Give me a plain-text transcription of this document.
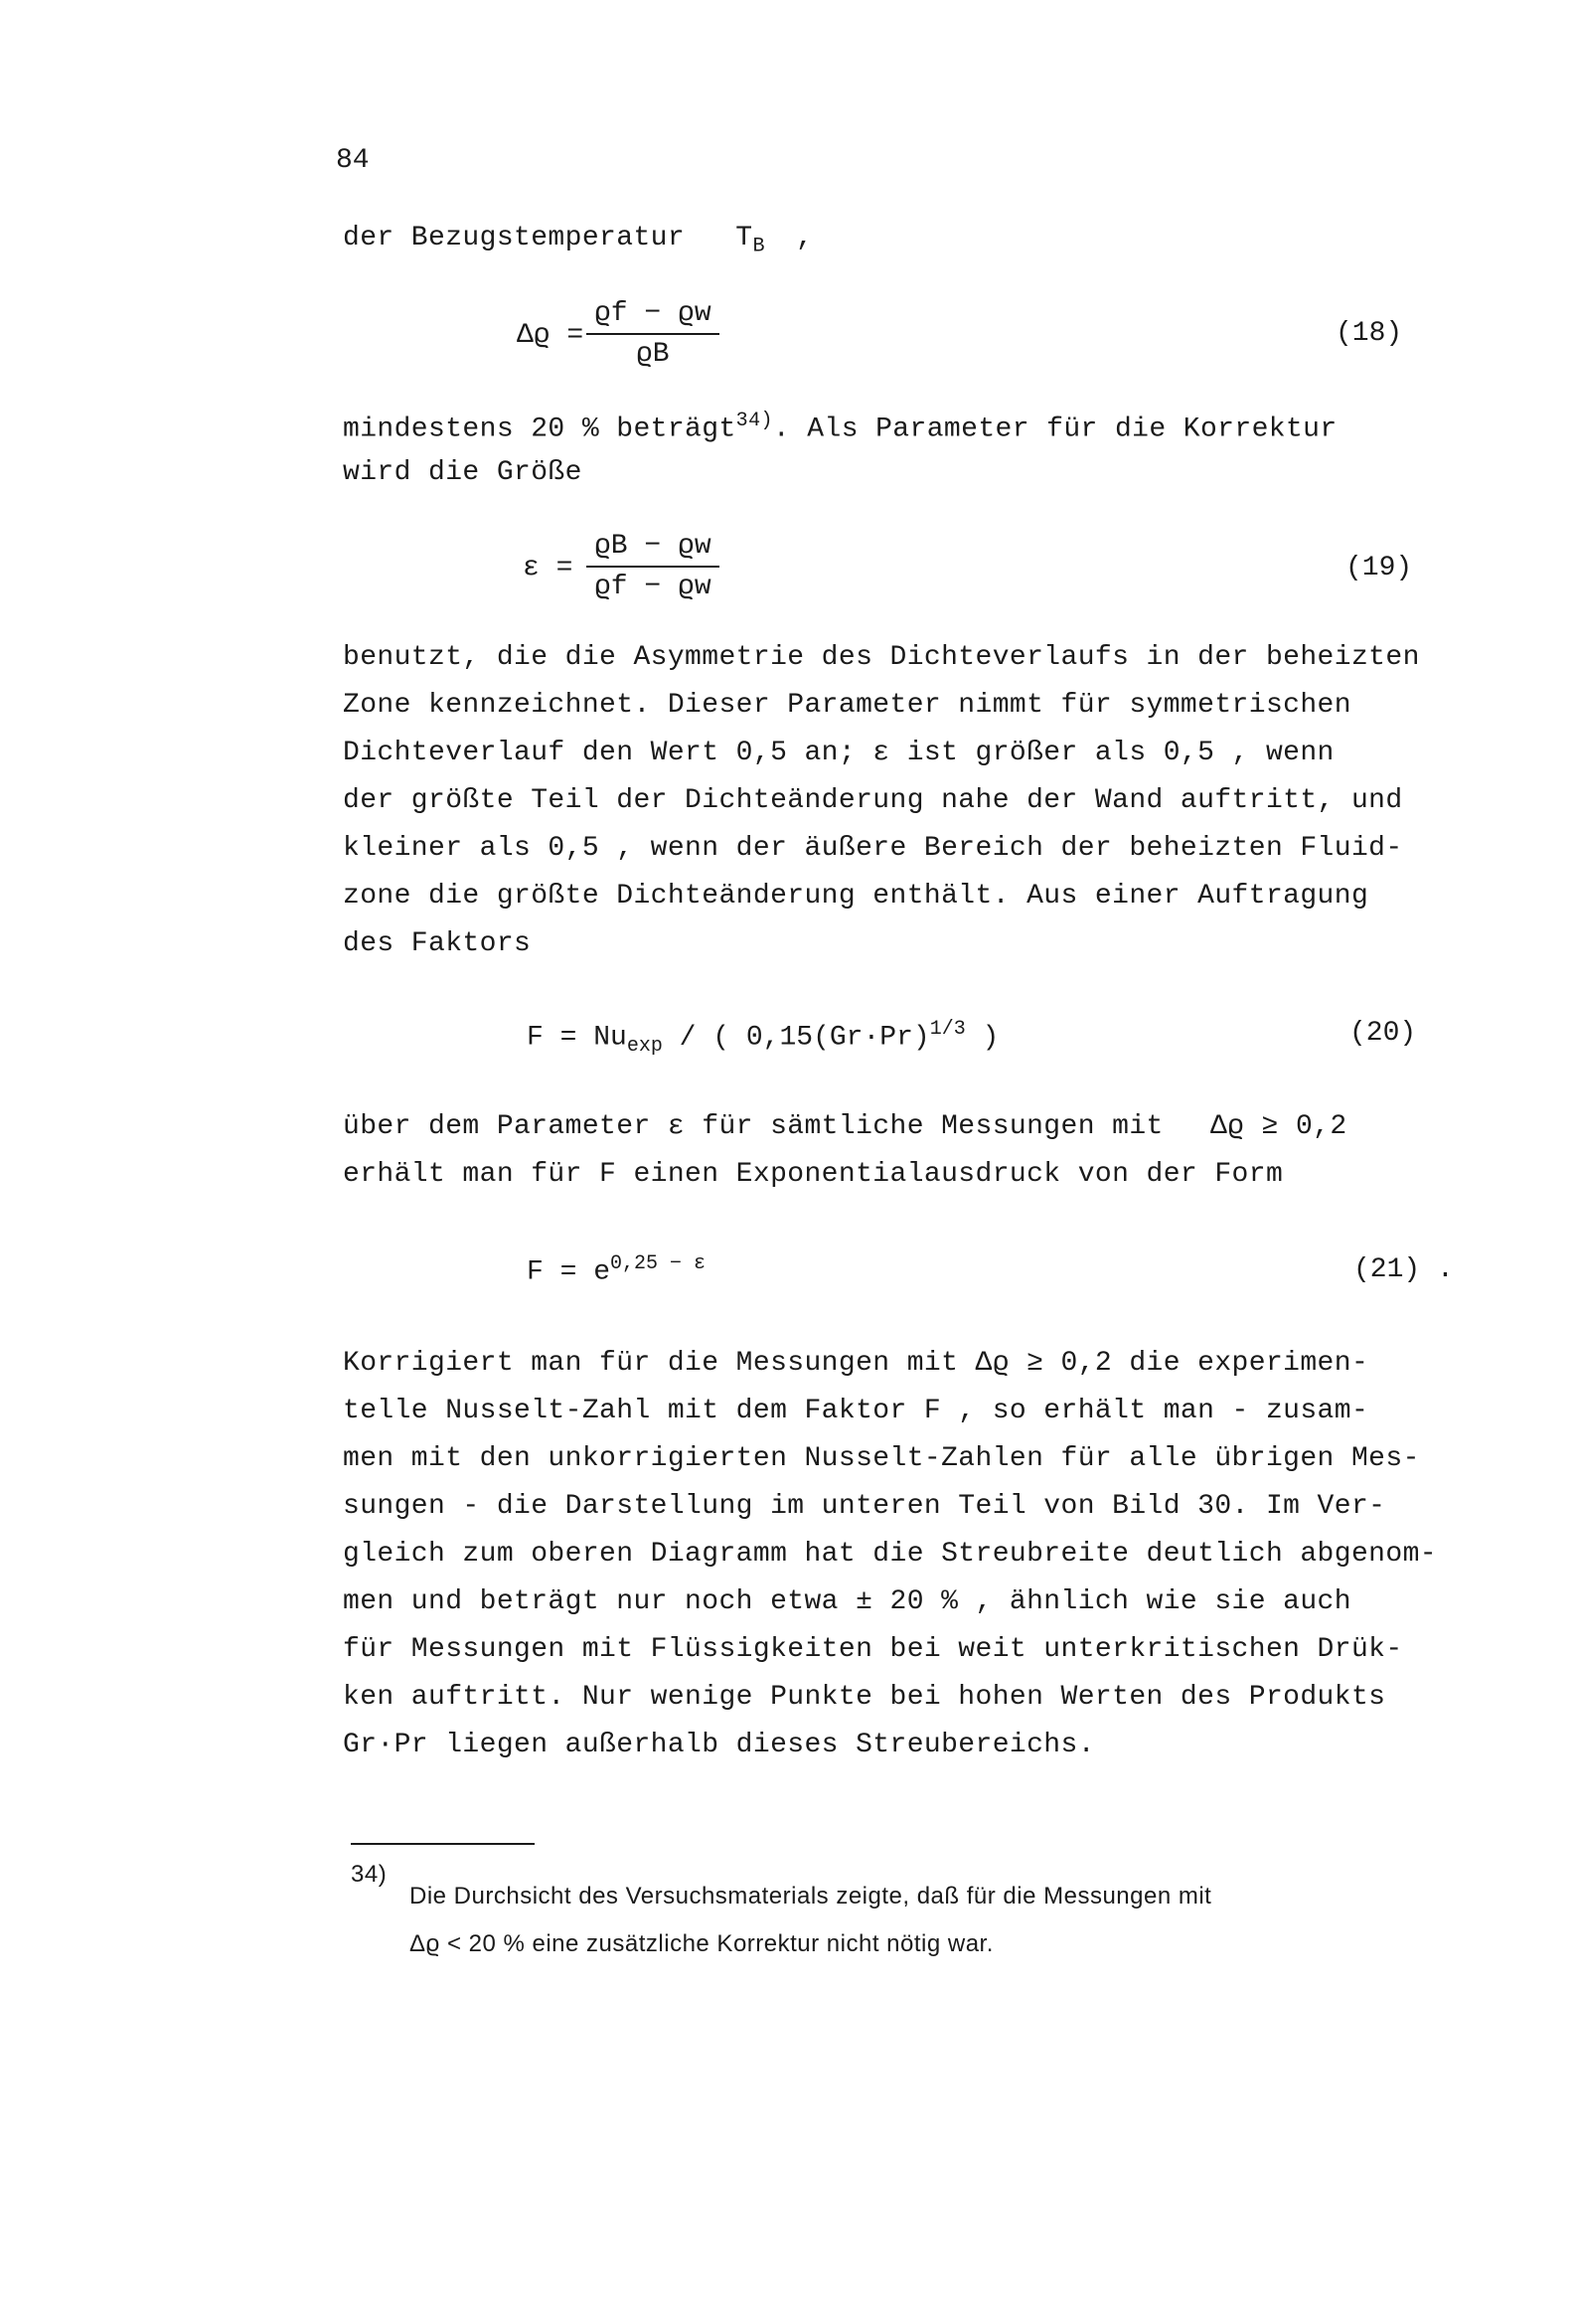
84
der Bezugstemperatur $T_B$ ,
$\Delta ϱ = \frac{ϱf - ϱw}{ϱB}$	(18)
mindestens 20 % beträgt$^{34)}$. Als Parameter für die Korrektur
wird die Größe
$\varepsilon = \frac{ϱB - ϱw}{ϱf - ϱw}$	(19)
benutzt, die die Asymmetrie des Dichteverlaufs in der beheizten
Zone kennzeichnet. Dieser Parameter nimmt für symmetrischen
Dichteverlauf den Wert 0,5 an; ε ist größer als 0,5 , wenn
der größte Teil der Dichteänderung nahe der Wand auftritt, und
kleiner als 0,5 , wenn der äußere Bereich der beheizten Fluid-
zone die größte Dichteänderung enthält. Aus einer Auftragung
des Faktors
$F = Nu_{exp}$ / ( $0,15(Gr\cdot Pr)^{1/3}$ )	(20)
über dem Parameter ε für sämtliche Messungen mit Δϱ ≥ 0,2
erhält man für F einen Exponentialausdruck von der Form
$F = e^{0,25 - \varepsilon}$	(21) .
Korrigiert man für die Messungen mit Δϱ ≥ 0,2 die experimen-
telle Nusselt-Zahl mit dem Faktor F , so erhält man - zusam-
men mit den unkorrigierten Nusselt-Zahlen für alle übrigen Mes-
sungen - die Darstellung im unteren Teil von Bild 30. Im Ver-
gleich zum oberen Diagramm hat die Streubreite deutlich abgenom-
men und beträgt nur noch etwa ± 20 % , ähnlich wie sie auch
für Messungen mit Flüssigkeiten bei weit unterkritischen Drük-
ken auftritt. Nur wenige Punkte bei hohen Werten des Produkts
Gr·Pr liegen außerhalb dieses Streubereichs.
34)
Die Durchsicht des Versuchsmaterials zeigte, daß für die Messungen mit
Δϱ < 20 % eine zusätzliche Korrektur nicht nötig war.
